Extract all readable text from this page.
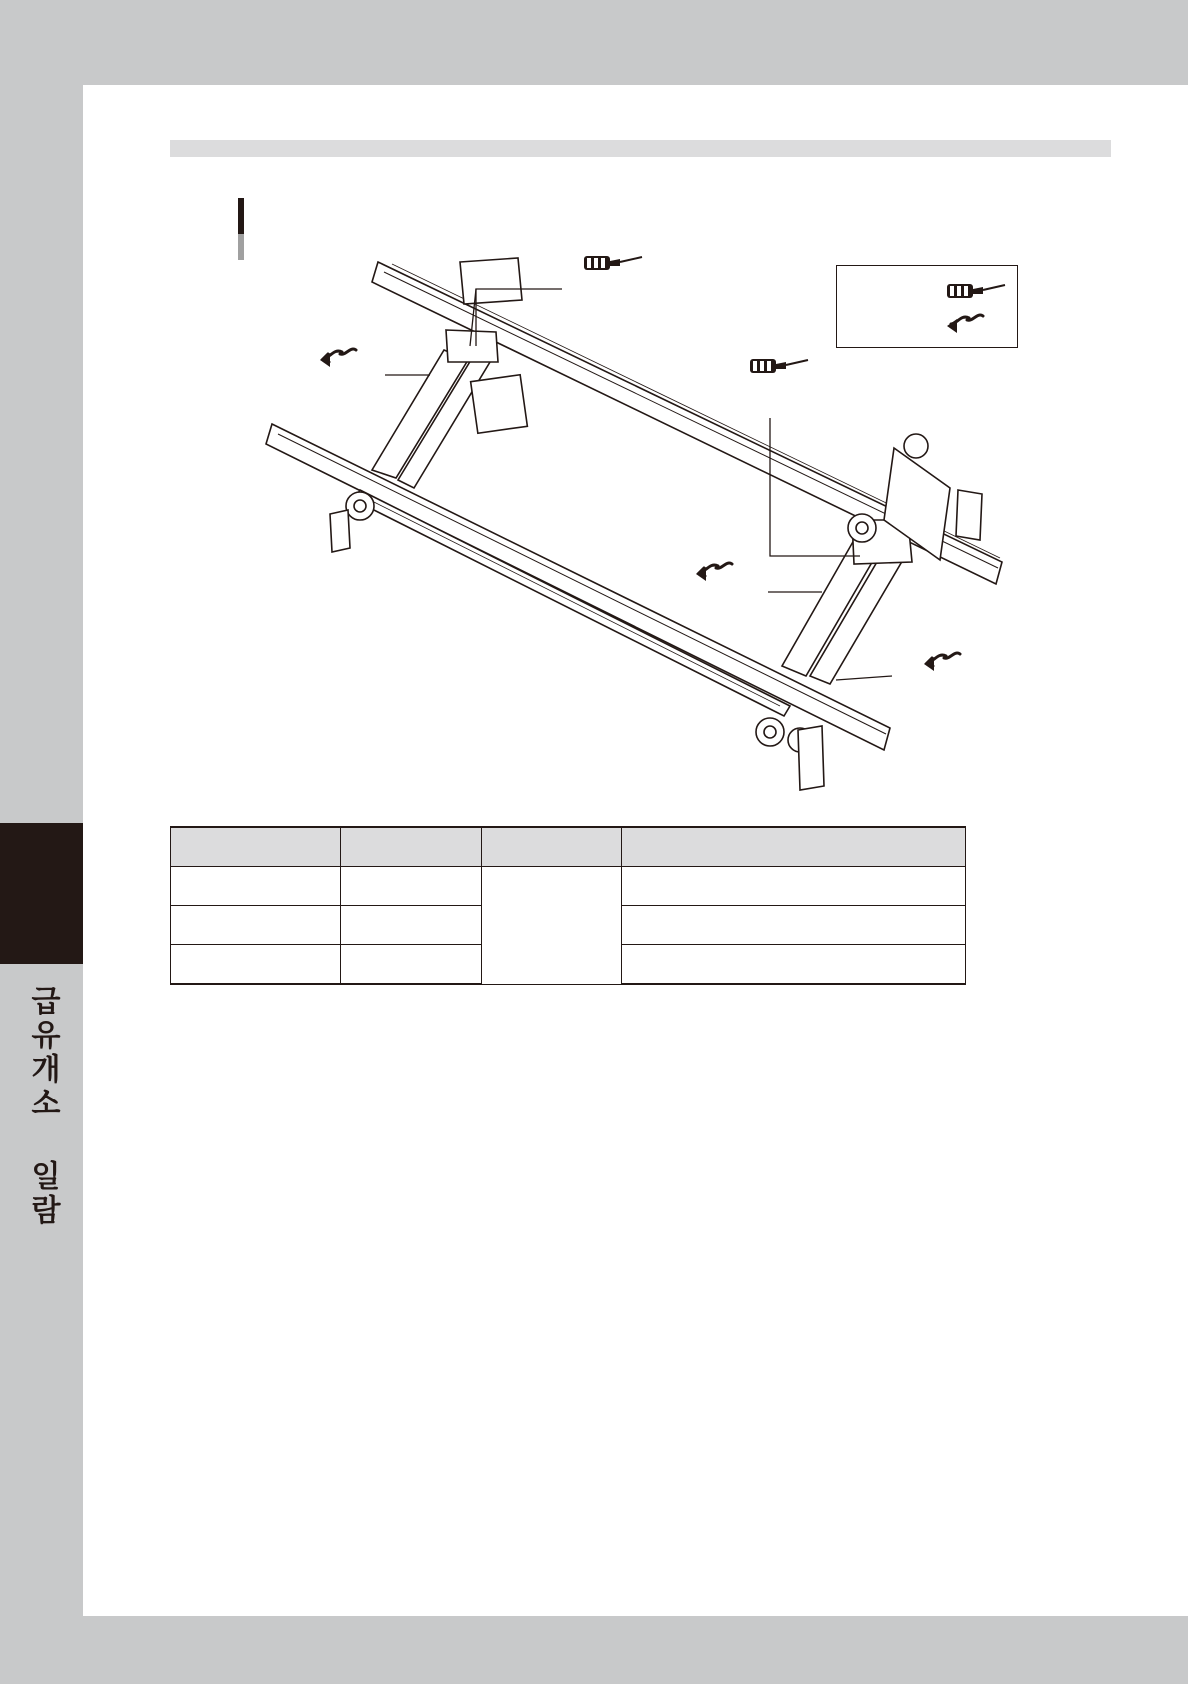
급유개소 일람
